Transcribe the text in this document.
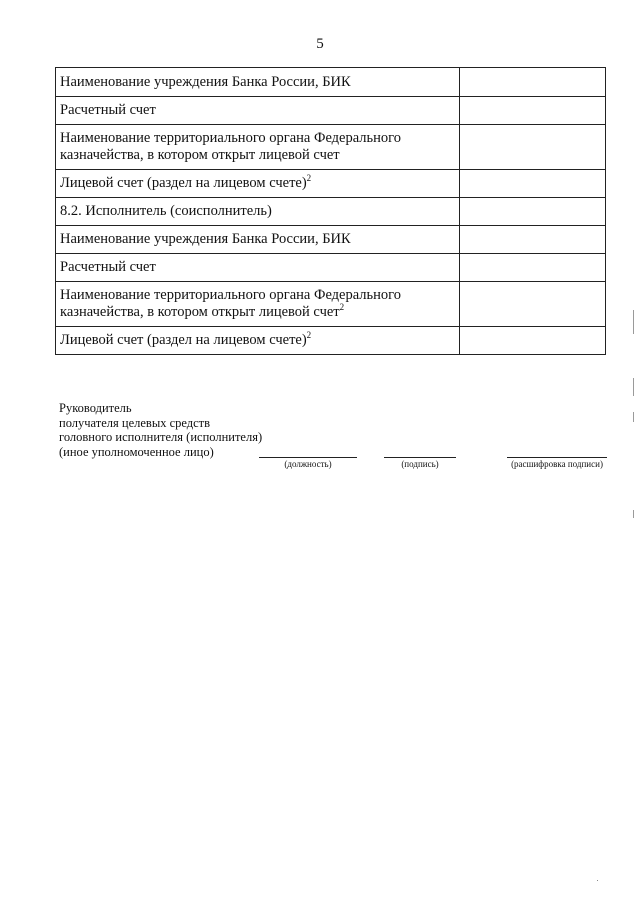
5
Наименование учреждения Банка России, БИК	
Расчетный счет	
Наименование территориального органа Федерального казначейства, в котором открыт лицевой счет	
Лицевой счет (раздел на лицевом счете)$^2$	
8.2. Исполнитель (соисполнитель)	
Наименование учреждения Банка России, БИК	
Расчетный счет	
Наименование территориального органа Федерального казначейства, в котором открыт лицевой счет$^2$	
Лицевой счет (раздел на лицевом счете)$^2$	
Руководитель
получателя целевых средств
головного исполнителя (исполнителя)
(иное уполномоченное лицо)
(должность)	(подпись)	(расшифровка подписи)
